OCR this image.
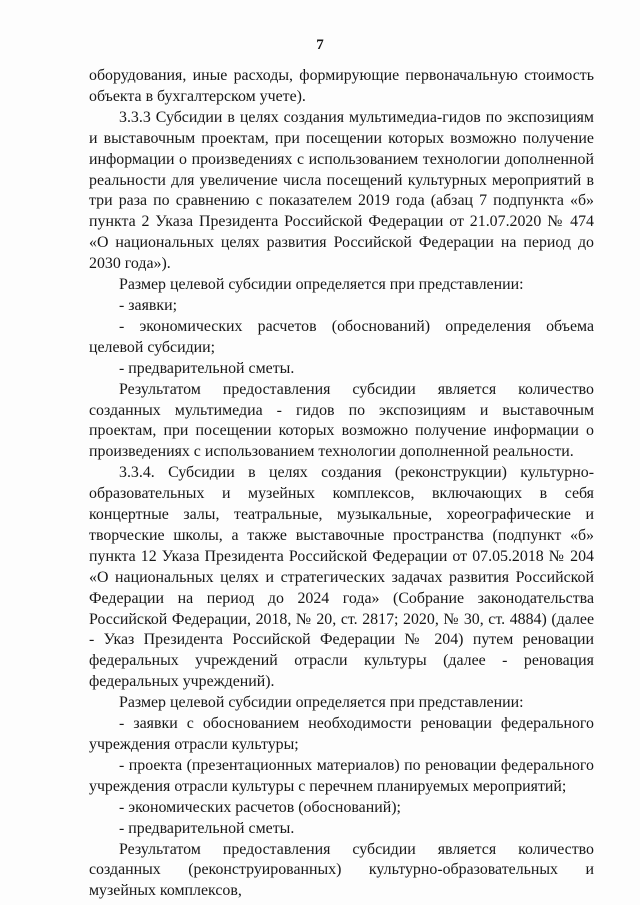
7

оборудования, иные расходы, формирующие первоначальную стоимость объекта в бухгалтерском учете).

3.3.3 Субсидии в целях создания мультимедиа-гидов по экспозициям и выставочным проектам, при посещении которых возможно получение информации о произведениях с использованием технологии дополненной реальности для увеличение числа посещений культурных мероприятий в три раза по сравнению с показателем 2019 года (абзац 7 подпункта «б» пункта 2 Указа Президента Российской Федерации от 21.07.2020 № 474 «О национальных целях развития Российской Федерации на период до 2030 года»).

Размер целевой субсидии определяется при представлении:

- заявки;

- экономических расчетов (обоснований) определения объема целевой субсидии;

- предварительной сметы.

Результатом предоставления субсидии является количество созданных мультимедиа - гидов по экспозициям и выставочным проектам, при посещении которых возможно получение информации о произведениях с использованием технологии дополненной реальности.

3.3.4. Субсидии в целях создания (реконструкции) культурно-образовательных и музейных комплексов, включающих в себя концертные залы, театральные, музыкальные, хореографические и творческие школы, а также выставочные пространства (подпункт «б» пункта 12 Указа Президента Российской Федерации от 07.05.2018 № 204 «О национальных целях и стратегических задачах развития Российской Федерации на период до 2024 года» (Собрание законодательства Российской Федерации, 2018, № 20, ст. 2817; 2020, № 30, ст. 4884) (далее - Указ Президента Российской Федерации № 204) путем реновации федеральных учреждений отрасли культуры (далее - реновация федеральных учреждений).

Размер целевой субсидии определяется при представлении:

- заявки с обоснованием необходимости реновации федерального учреждения отрасли культуры;

- проекта (презентационных материалов) по реновации федерального учреждения отрасли культуры с перечнем планируемых мероприятий;

- экономических расчетов (обоснований);

- предварительной сметы.

Результатом предоставления субсидии является количество созданных (реконструированных) культурно-образовательных и музейных комплексов,
